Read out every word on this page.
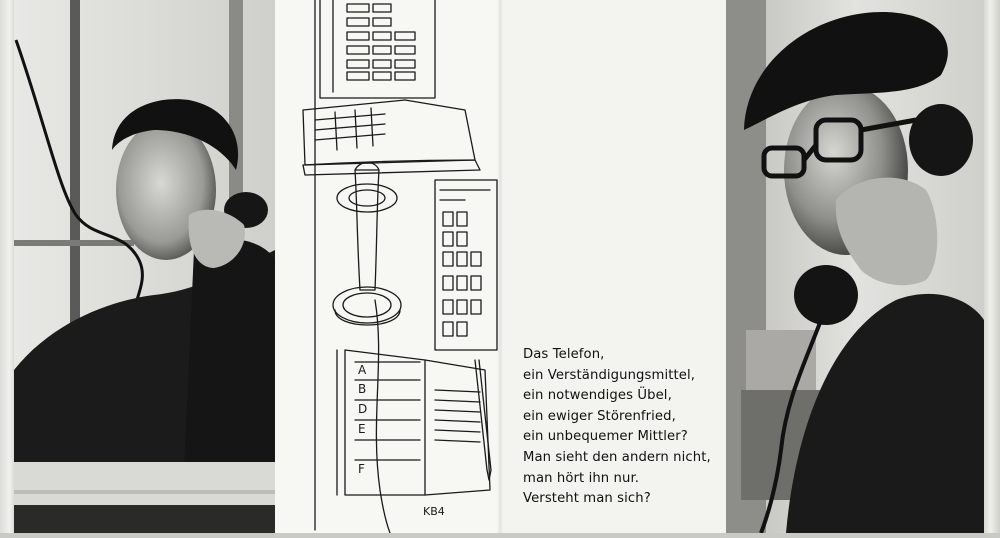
A
B
D
E
F
KB4
Das Telefon,
ein Verständigungsmittel,
ein notwendiges Übel,
ein ewiger Störenfried,
ein unbequemer Mittler?
Man sieht den andern nicht,
man hört ihn nur.
Versteht man sich?
